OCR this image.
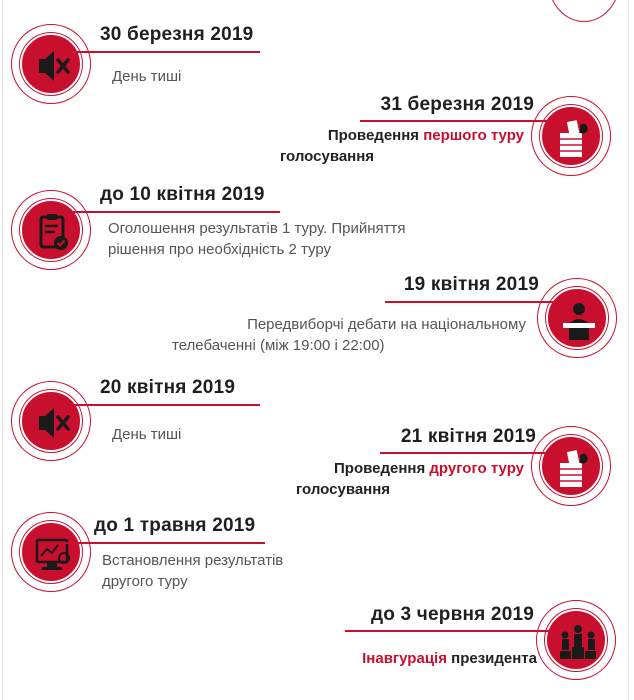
30 березня 2019
День тиші
31 березня 2019
Проведення першого туру
голосування
до 10 квітня 2019
Оголошення результатів 1 туру. Прийняття
рішення про необхідність 2 туру
19 квітня 2019
Передвиборчі дебати на національному
телебаченні (між 19:00 і 22:00)
20 квітня 2019
День тиші	21 квітня 2019
Проведення другого туру
голосування
до 1 травня 2019
Встановлення результатів
другого туру
до 3 червня 2019
Інавгурація президента
